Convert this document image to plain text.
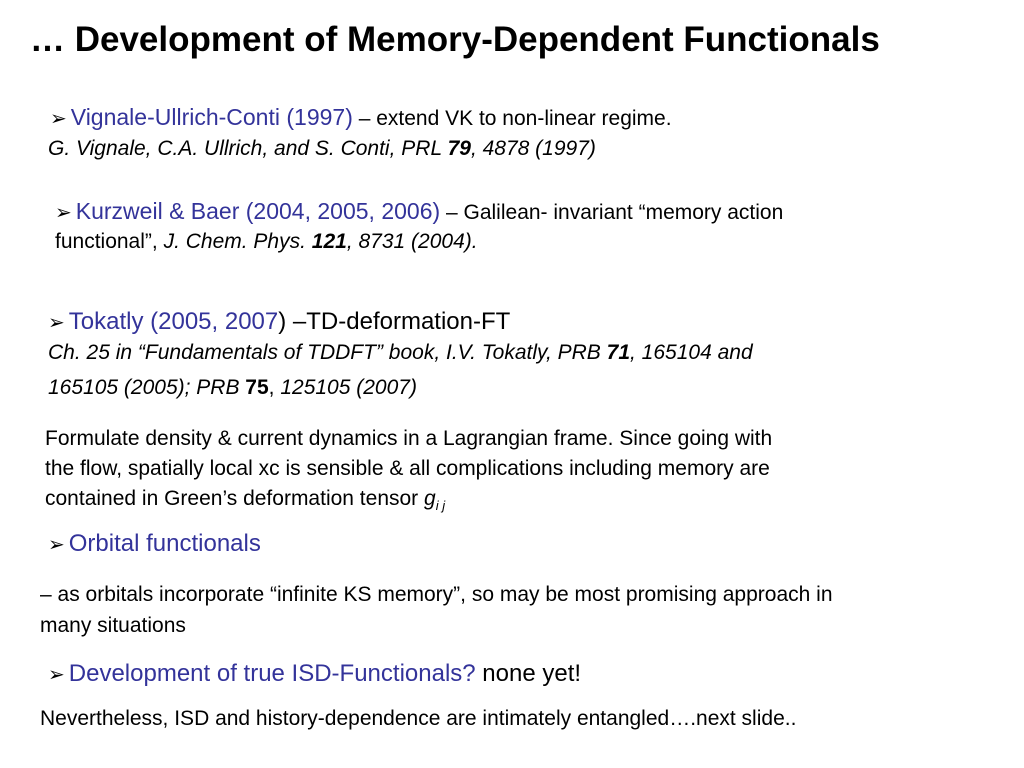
… Development of Memory-Dependent Functionals
➢ Vignale-Ullrich-Conti (1997) – extend VK to non-linear regime.
G. Vignale, C.A. Ullrich, and S. Conti, PRL 79, 4878 (1997)
➢ Kurzweil & Baer (2004, 2005, 2006) – Galilean- invariant “memory action
functional”, J. Chem. Phys. 121, 8731 (2004).
➢ Tokatly (2005, 2007) –TD-deformation-FT
Ch. 25 in “Fundamentals of TDDFT” book, I.V. Tokatly, PRB 71, 165104 and
165105 (2005); PRB 75, 125105 (2007)
Formulate density & current dynamics in a Lagrangian frame. Since going with
the flow, spatially local xc is sensible & all complications including memory are
contained in Green’s deformation tensor $g_{i j}$
➢ Orbital functionals
– as orbitals incorporate “infinite KS memory”, so may be most promising approach in
many situations
➢ Development of true ISD-Functionals? none yet!
Nevertheless, ISD and history-dependence are intimately entangled….next slide..
